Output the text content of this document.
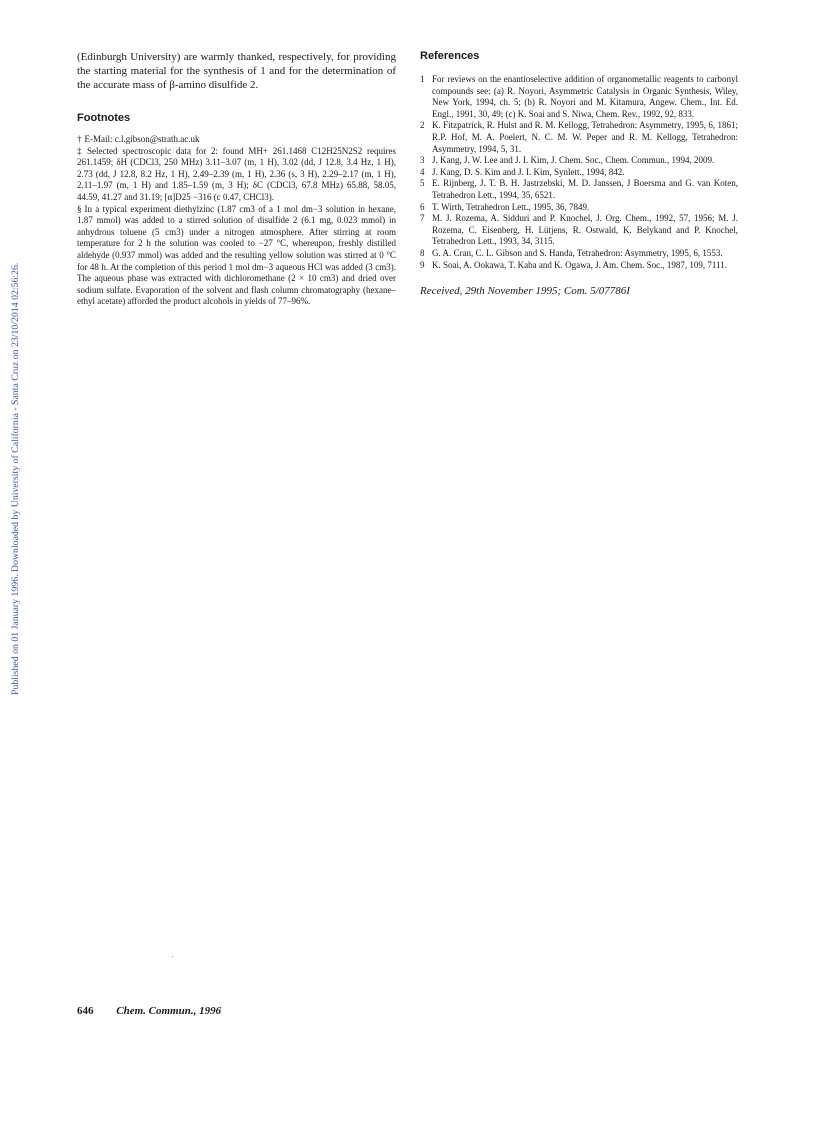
Published on 01 January 1996. Downloaded by University of California - Santa Cruz on 23/10/2014 02:56:26.

(Edinburgh University) are warmly thanked, respectively, for providing the starting material for the synthesis of 1 and for the determination of the accurate mass of β-amino disulfide 2.

Footnotes
† E-Mail: c.l.gibson@strath.ac.uk
‡ Selected spectroscopic data for 2: found MH+ 261.1468 C12H25N2S2 requires 261.1459; δH (CDCl3, 250 MHz) 3.11–3.07 (m, 1 H), 3.02 (dd, J 12.8, 3.4 Hz, 1 H), 2.73 (dd, J 12.8, 8.2 Hz, 1 H), 2.49–2.39 (m, 1 H), 2.36 (s, 3 H), 2.29–2.17 (m, 1 H), 2.11–1.97 (m, 1 H) and 1.85–1.59 (m, 3 H); δC (CDCl3, 67.8 MHz) 65.88, 58.05, 44.59, 41.27 and 31.19; [α]D25 −316 (c 0.47, CHCl3).
§ In a typical experiment diethylzinc (1.87 cm3 of a 1 mol dm−3 solution in hexane, 1.87 mmol) was added to a stirred solution of disulfide 2 (6.1 mg, 0.023 mmol) in anhydrous toluene (5 cm3) under a nitrogen atmosphere. After stirring at room temperature for 2 h the solution was cooled to −27 °C, whereupon, freshly distilled aldehyde (0.937 mmol) was added and the resulting yellow solution was stirred at 0 °C for 48 h. At the completion of this period 1 mol dm−3 aqueous HCl was added (3 cm3). The aqueous phase was extracted with dichloromethane (2 × 10 cm3) and dried over sodium sulfate. Evaporation of the solvent and flash column chromatography (hexane–ethyl acetate) afforded the product alcohols in yields of 77–96%.
References
1 For reviews on the enantioselective addition of organometallic reagents to carbonyl compounds see: (a) R. Noyori, Asymmetric Catalysis in Organic Synthesis, Wiley, New York, 1994, ch. 5; (b) R. Noyori and M. Kitamura, Angew. Chem., Int. Ed. Engl., 1991, 30, 49; (c) K. Soai and S. Niwa, Chem. Rev., 1992, 92, 833.
2 K. Fitzpatrick, R. Hulst and R. M. Kellogg, Tetrahedron: Asymmetry, 1995, 6, 1861; R.P. Hof, M. A. Poelert, N. C. M. W. Peper and R. M. Kellogg, Tetrahedron: Asymmetry, 1994, 5, 31.
3 J. Kang, J. W. Lee and J. I. Kim, J. Chem. Soc., Chem. Commun., 1994, 2009.
4 J. Kang, D. S. Kim and J. I. Kim, Synlett., 1994, 842.
5 E. Rijnberg, J. T. B. H. Jastrzebski, M. D. Janssen, J Boersma and G. van Koten, Tetrahedron Lett., 1994, 35, 6521.
6 T. Wirth, Tetrahedron Lett., 1995, 36, 7849.
7 M. J. Rozema, A. Sidduri and P. Knochel, J. Org. Chem., 1992, 57, 1956; M. J. Rozema, C. Eisenberg, H. Lütjens, R. Ostwald, K. Belykand and P. Knochel, Tetrahedron Lett., 1993, 34, 3115.
8 G. A. Cran, C. L. Gibson and S. Handa, Tetrahedron: Asymmetry, 1995, 6, 1553.
9 K. Soai, A. Ookawa, T. Kaba and K. Ogawa, J. Am. Chem. Soc., 1987, 109, 7111.
Received, 29th November 1995; Com. 5/07786I
646 Chem. Commun., 1996
